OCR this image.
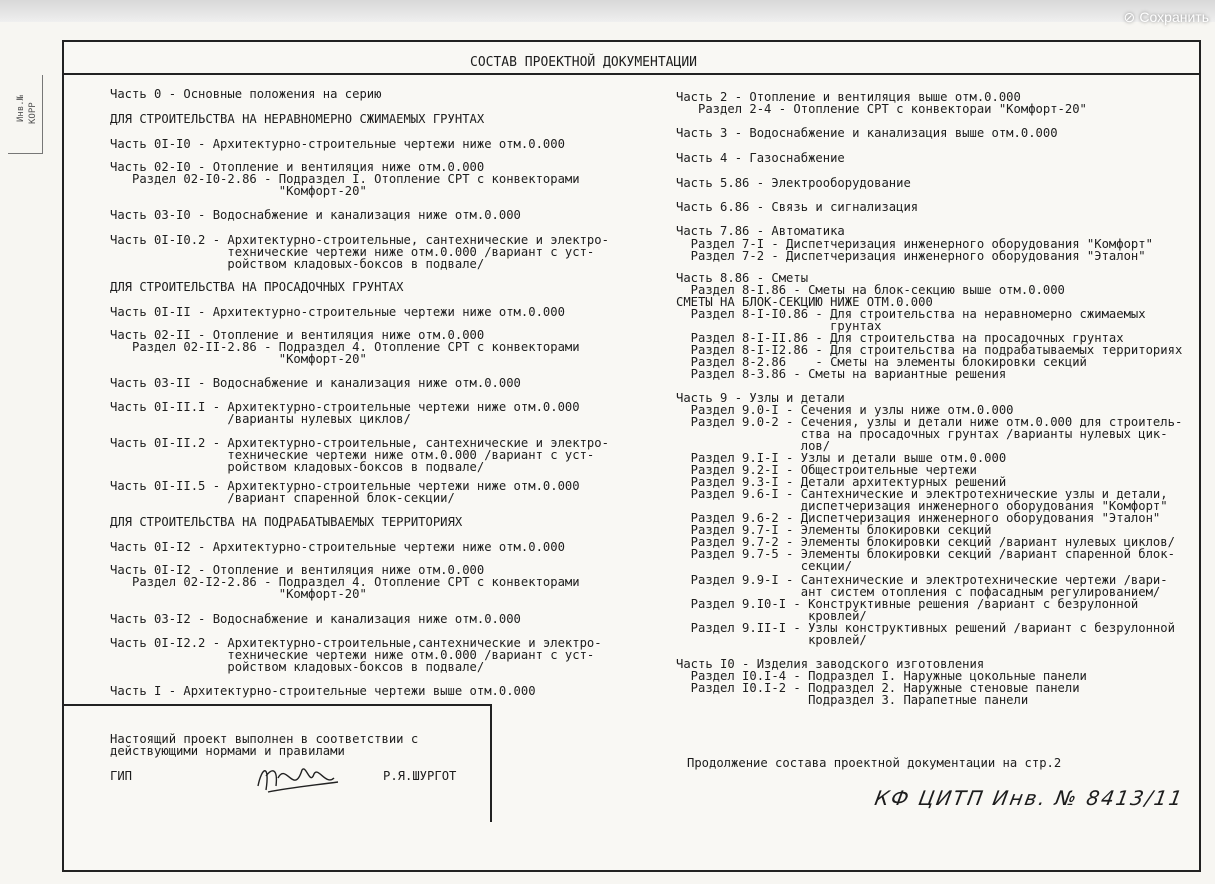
⊘ Сохранить
Инв.№ КОРР
СОСТАВ ПРОЕКТНОЙ ДОКУМЕНТАЦИИ
Часть 0 - Основные положения на серию
ДЛЯ СТРОИТЕЛЬСТВА НА НЕРАВНОМЕРНО СЖИМАЕМЫХ ГРУНТАХ
Часть 0I-I0 - Архитектурно-строительные чертежи ниже отм.0.000
Часть 02-I0 - Отопление и вентиляция ниже отм.0.000
Раздел 02-I0-2.86 - Подраздел I. Отопление СРТ с конвекторами
"Комфорт-20"
Часть 03-I0 - Водоснабжение и канализация ниже отм.0.000
Часть 0I-I0.2 - Архитектурно-строительные, сантехнические и электро-
технические чертежи ниже отм.0.000 /вариант с уст-
ройством кладовых-боксов в подвале/
ДЛЯ СТРОИТЕЛЬСТВА НА ПРОСАДОЧНЫХ ГРУНТАХ
Часть 0I-II - Архитектурно-строительные чертежи ниже отм.0.000
Часть 02-II - Отопление и вентиляция ниже отм.0.000
Раздел 02-II-2.86 - Подраздел 4. Отопление СРТ с конвекторами
"Комфорт-20"
Часть 03-II - Водоснабжение и канализация ниже отм.0.000
Часть 0I-II.I - Архитектурно-строительные чертежи ниже отм.0.000
/варианты нулевых циклов/
Часть 0I-II.2 - Архитектурно-строительные, сантехнические и электро-
технические чертежи ниже отм.0.000 /вариант с уст-
ройством кладовых-боксов в подвале/
Часть 0I-II.5 - Архитектурно-строительные чертежи ниже отм.0.000
/вариант спаренной блок-секции/
ДЛЯ СТРОИТЕЛЬСТВА НА ПОДРАБАТЫВАЕМЫХ ТЕРРИТОРИЯХ
Часть 0I-I2 - Архитектурно-строительные чертежи ниже отм.0.000
Часть 0I-I2 - Отопление и вентиляция ниже отм.0.000
Раздел 02-I2-2.86 - Подраздел 4. Отопление СРТ с конвекторами
"Комфорт-20"
Часть 03-I2 - Водоснабжение и канализация ниже отм.0.000
Часть 0I-I2.2 - Архитектурно-строительные,сантехнические и электро-
технические чертежи ниже отм.0.000 /вариант с уст-
ройством кладовых-боксов в подвале/
Часть I - Архитектурно-строительные чертежи выше отм.0.000
Часть 2 - Отопление и вентиляция выше отм.0.000
Раздел 2-4 - Отопление СРТ с конвектораи "Комфорт-20"
Часть 3 - Водоснабжение и канализация выше отм.0.000
Часть 4 - Газоснабжение
Часть 5.86 - Электрооборудование
Часть 6.86 - Связь и сигнализация
Часть 7.86 - Автоматика
Раздел 7-I - Диспетчеризация инженерного оборудования "Комфорт"
Раздел 7-2 - Диспетчеризация инженерного оборудования "Эталон"
Часть 8.86 - Сметы
Раздел 8-I.86 - Сметы на блок-секцию выше отм.0.000
СМЕТЫ НА БЛОК-СЕКЦИЮ НИЖЕ ОТМ.0.000
Раздел 8-I-I0.86 - Для строительства на неравномерно сжимаемых
грунтах
Раздел 8-I-II.86 - Для строительства на просадочных грунтах
Раздел 8-I-I2.86 - Для строительства на подрабатываемых территориях
Раздел 8-2.86    - Сметы на элементы блокировки секций
Раздел 8-3.86 - Сметы на вариантные решения
Часть 9 - Узлы и детали
Раздел 9.0-I - Сечения и узлы ниже отм.0.000
Раздел 9.0-2 - Сечения, узлы и детали ниже отм.0.000 для строитель-
ства на просадочных грунтах /варианты нулевых цик-
лов/
Раздел 9.I-I - Узлы и детали выше отм.0.000
Раздел 9.2-I - Общестроительные чертежи
Раздел 9.3-I - Детали архитектурных решений
Раздел 9.6-I - Сантехнические и электротехнические узлы и детали,
диспетчеризация инженерного оборудования "Комфорт"
Раздел 9.6-2 - Диспетчеризация инженерного оборудования "Эталон"
Раздел 9.7-I - Элементы блокировки секций
Раздел 9.7-2 - Элементы блокировки секций /вариант нулевых циклов/
Раздел 9.7-5 - Элементы блокировки секций /вариант спаренной блок-
секции/
Раздел 9.9-I - Сантехнические и электротехнические чертежи /вари-
ант систем отопления с пофасадным регулированием/
Раздел 9.I0-I - Конструктивные решения /вариант с безрулонной
кровлей/
Раздел 9.II-I - Узлы конструктивных решений /вариант с безрулонной
кровлей/
Часть I0 - Изделия заводского изготовления
Раздел I0.I-4 - Подраздел I. Наружные цокольные панели
Раздел I0.I-2 - Подраздел 2. Наружные стеновые панели
Подраздел 3. Парапетные панели
Настоящий проект выполнен в соответствии с
действующими нормами и правилами
ГИП	Р.Я.ШУРГОТ
Продолжение состава проектной документации на стр.2
КФ ЦИТП Инв. № 8413/11
